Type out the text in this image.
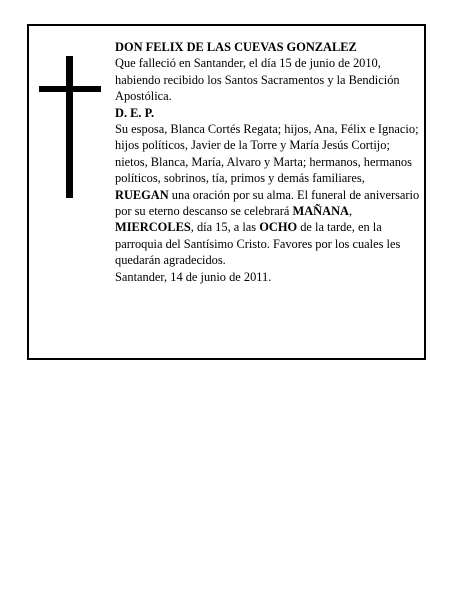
DON FELIX DE LAS CUEVAS GONZALEZ

Que falleció en Santander, el día 15 de junio de 2010, habiendo recibido los Santos Sacramentos y la Bendición Apostólica.

D. E. P.

Su esposa, Blanca Cortés Regata; hijos, Ana, Félix e Ignacio; hijos políticos, Javier de la Torre y María Jesús Cortijo; nietos, Blanca, María, Alvaro y Marta; hermanos, hermanos políticos, sobrinos, tía, primos y demás familiares,

RUEGAN una oración por su alma. El funeral de aniversario por su eterno descanso se celebrará MAÑANA, MIERCOLES, día 15, a las OCHO de la tarde, en la parroquia del Santísimo Cristo. Favores por los cuales les quedarán agradecidos.

Santander, 14 de junio de 2011.
